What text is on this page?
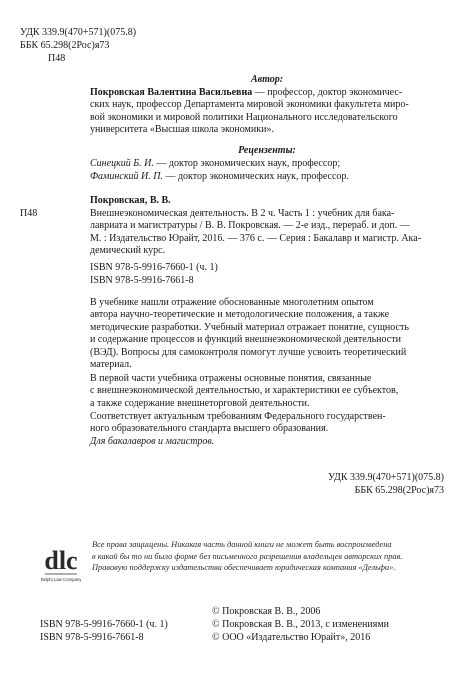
УДК 339.9(470+571)(075.8)
ББК 65.298(2Рос)я73
П48
Автор:
Покровская Валентина Васильевна — профессор, доктор экономичес-
ских наук, профессор Департамента мировой экономики факультета миро-
вой экономики и мировой политики Национального исследовательского
университета «Высшая школа экономики».
Рецензенты:
Синецкий Б. И. — доктор экономических наук, профессор;
Фаминский И. П. — доктор экономических наук, профессор.
Покровская, В. В.
П48	Внешнеэкономическая деятельность. В 2 ч. Часть 1 : учебник для бака-
лавриата и магистратуры / В. В. Покровская. — 2-е изд., перераб. и доп. —
М. : Издательство Юрайт, 2016. — 376 с. — Серия : Бакалавр и магистр. Ака-
демический курс.
ISBN 978-5-9916-7660-1 (ч. 1)
ISBN 978-5-9916-7661-8
В учебнике нашли отражение обоснованные многолетним опытом
автора научно-теоретические и методологические положения, а также
методические разработки. Учебный материал отражает понятие, сущность
и содержание процессов и функций внешнеэкономической деятельности
(ВЭД). Вопросы для самоконтроля помогут лучше усвоить теоретический
материал.
В первой части учебника отражены основные понятия, связанные
с внешнеэкономической деятельностью, и характеристики ее субъектов,
а также содержание внешнеторговой деятельности.
Соответствует актуальным требованиям Федерального государствен-
ного образовательного стандарта высшего образования.
Для бакалавров и магистров.
УДК 339.9(470+571)(075.8)
ББК 65.298(2Рос)я73
dlc
Delphi Law Company
Все права защищены. Никакая часть данной книги не может быть воспроизведена
в какой бы то ни было форме без письменного разрешения владельцев авторских прав.
Правовую поддержку издательства обеспечивает юридическая компания «Дельфи».
ISBN 978-5-9916-7660-1 (ч. 1)
ISBN 978-5-9916-7661-8
© Покровская В. В., 2006
© Покровская В. В., 2013, с изменениями
© ООО «Издательство Юрайт», 2016
